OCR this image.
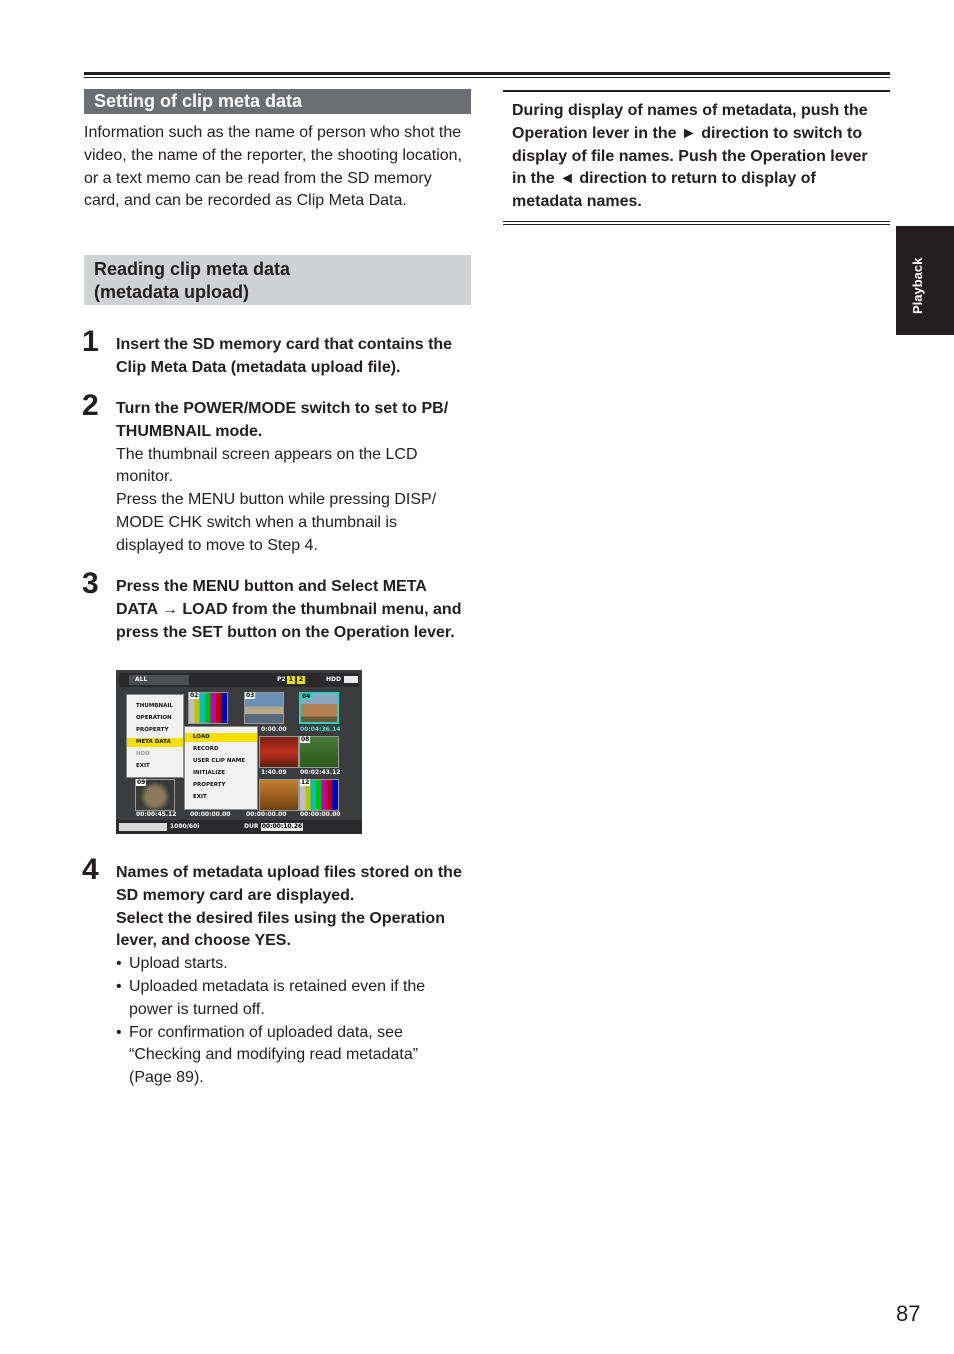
Setting of clip meta data

Information such as the name of person who shot the video, the name of the reporter, the shooting location, or a text memo can be read from the SD memory card, and can be recorded as Clip Meta Data.

Reading clip meta data
(metadata upload)
1 Insert the SD memory card that contains the Clip Meta Data (metadata upload file).
2 Turn the POWER/MODE switch to set to PB/ THUMBNAIL mode.
The thumbnail screen appears on the LCD monitor.
Press the MENU button while pressing DISP/ MODE CHK switch when a thumbnail is displayed to move to Step 4.
3 Press the MENU button and Select META DATA → LOAD from the thumbnail menu, and press the SET button on the Operation lever.
ALL	P2 1 2	HDD
02	03	04
0:00.00 00:04:36.14
08
1:40.09 00:02:43.12
09	12
00:00:45.12 00:00:00.00	00:00:00.00 00:00:00.00
THUMBNAIL
OPERATION
PROPERTY
META DATA
HDD
EXIT
LOAD
RECORD
USER CLIP NAME
INITIALIZE
PROPERTY
EXIT
1080/60i	DUR 00:00:10.26
4 Names of metadata upload files stored on the SD memory card are displayed.
Select the desired files using the Operation lever, and choose YES.
• Upload starts.
• Uploaded metadata is retained even if the power is turned off.
• For confirmation of uploaded data, see “Checking and modifying read metadata” (Page 89).
During display of names of metadata, push the Operation lever in the ► direction to switch to display of file names. Push the Operation lever in the ◄ direction to return to display of metadata names.
Playback
87
